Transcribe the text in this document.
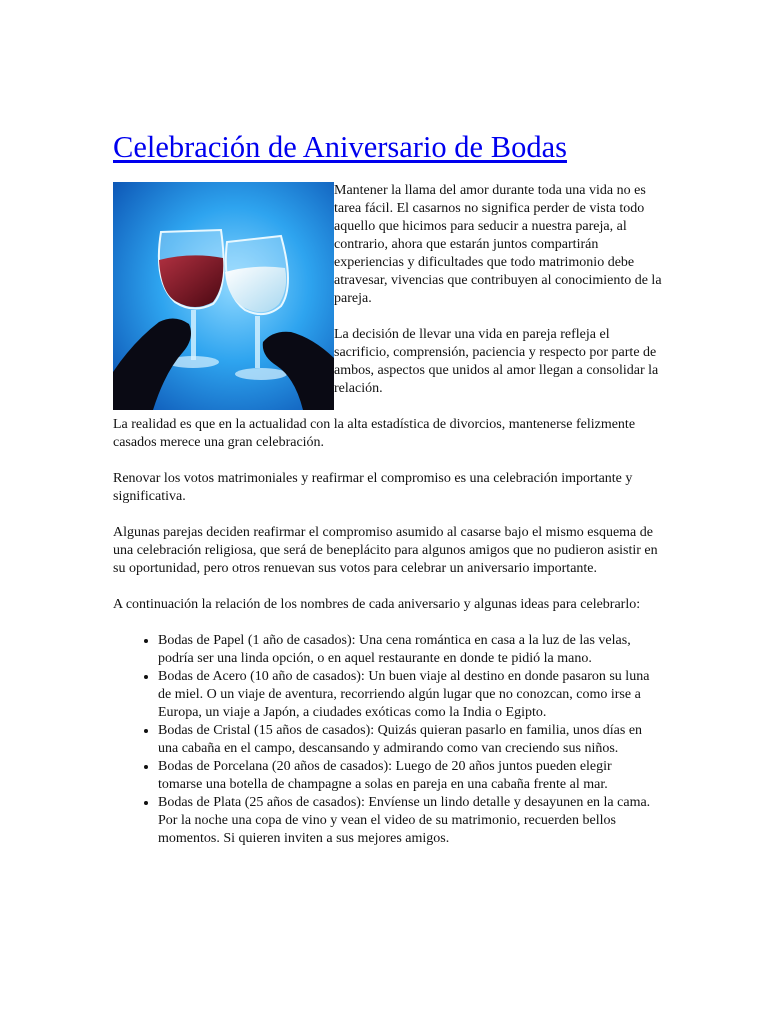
Celebración de Aniversario de Bodas

Mantener la llama del amor durante toda una vida no es tarea fácil. El casarnos no significa perder de vista todo aquello que hicimos para seducir a nuestra pareja, al contrario, ahora que estarán juntos compartirán experiencias y dificultades que todo matrimonio debe atravesar, vivencias que contribuyen al conocimiento de la pareja.

La decisión de llevar una vida en pareja refleja el sacrificio, comprensión, paciencia y respecto por parte de ambos, aspectos que unidos al amor llegan a consolidar la relación.

La realidad es que en la actualidad con la alta estadística de divorcios, mantenerse felizmente casados merece una gran celebración.

Renovar los votos matrimoniales y reafirmar el compromiso es una celebración importante y significativa.

Algunas parejas deciden reafirmar el compromiso asumido al casarse bajo el mismo esquema de una celebración religiosa, que será de beneplácito para algunos amigos que no pudieron asistir en su oportunidad, pero otros renuevan sus votos para celebrar un aniversario importante.

A continuación la relación de los nombres de cada aniversario y algunas ideas para celebrarlo:

• Bodas de Papel (1 año de casados): Una cena romántica en casa a la luz de las velas, podría ser una linda opción, o en aquel restaurante en donde te pidió la mano.
• Bodas de Acero (10 año de casados): Un buen viaje al destino en donde pasaron su luna de miel. O un viaje de aventura, recorriendo algún lugar que no conozcan, como irse a Europa, un viaje a Japón, a ciudades exóticas como la India o Egipto.
• Bodas de Cristal (15 años de casados): Quizás quieran pasarlo en familia, unos días en una cabaña en el campo, descansando y admirando como van creciendo sus niños.
• Bodas de Porcelana (20 años de casados): Luego de 20 años juntos pueden elegir tomarse una botella de champagne a solas en pareja en una cabaña frente al mar.
• Bodas de Plata (25 años de casados): Envíense un lindo detalle y desayunen en la cama. Por la noche una copa de vino y vean el video de su matrimonio, recuerden bellos momentos. Si quieren inviten a sus mejores amigos.
